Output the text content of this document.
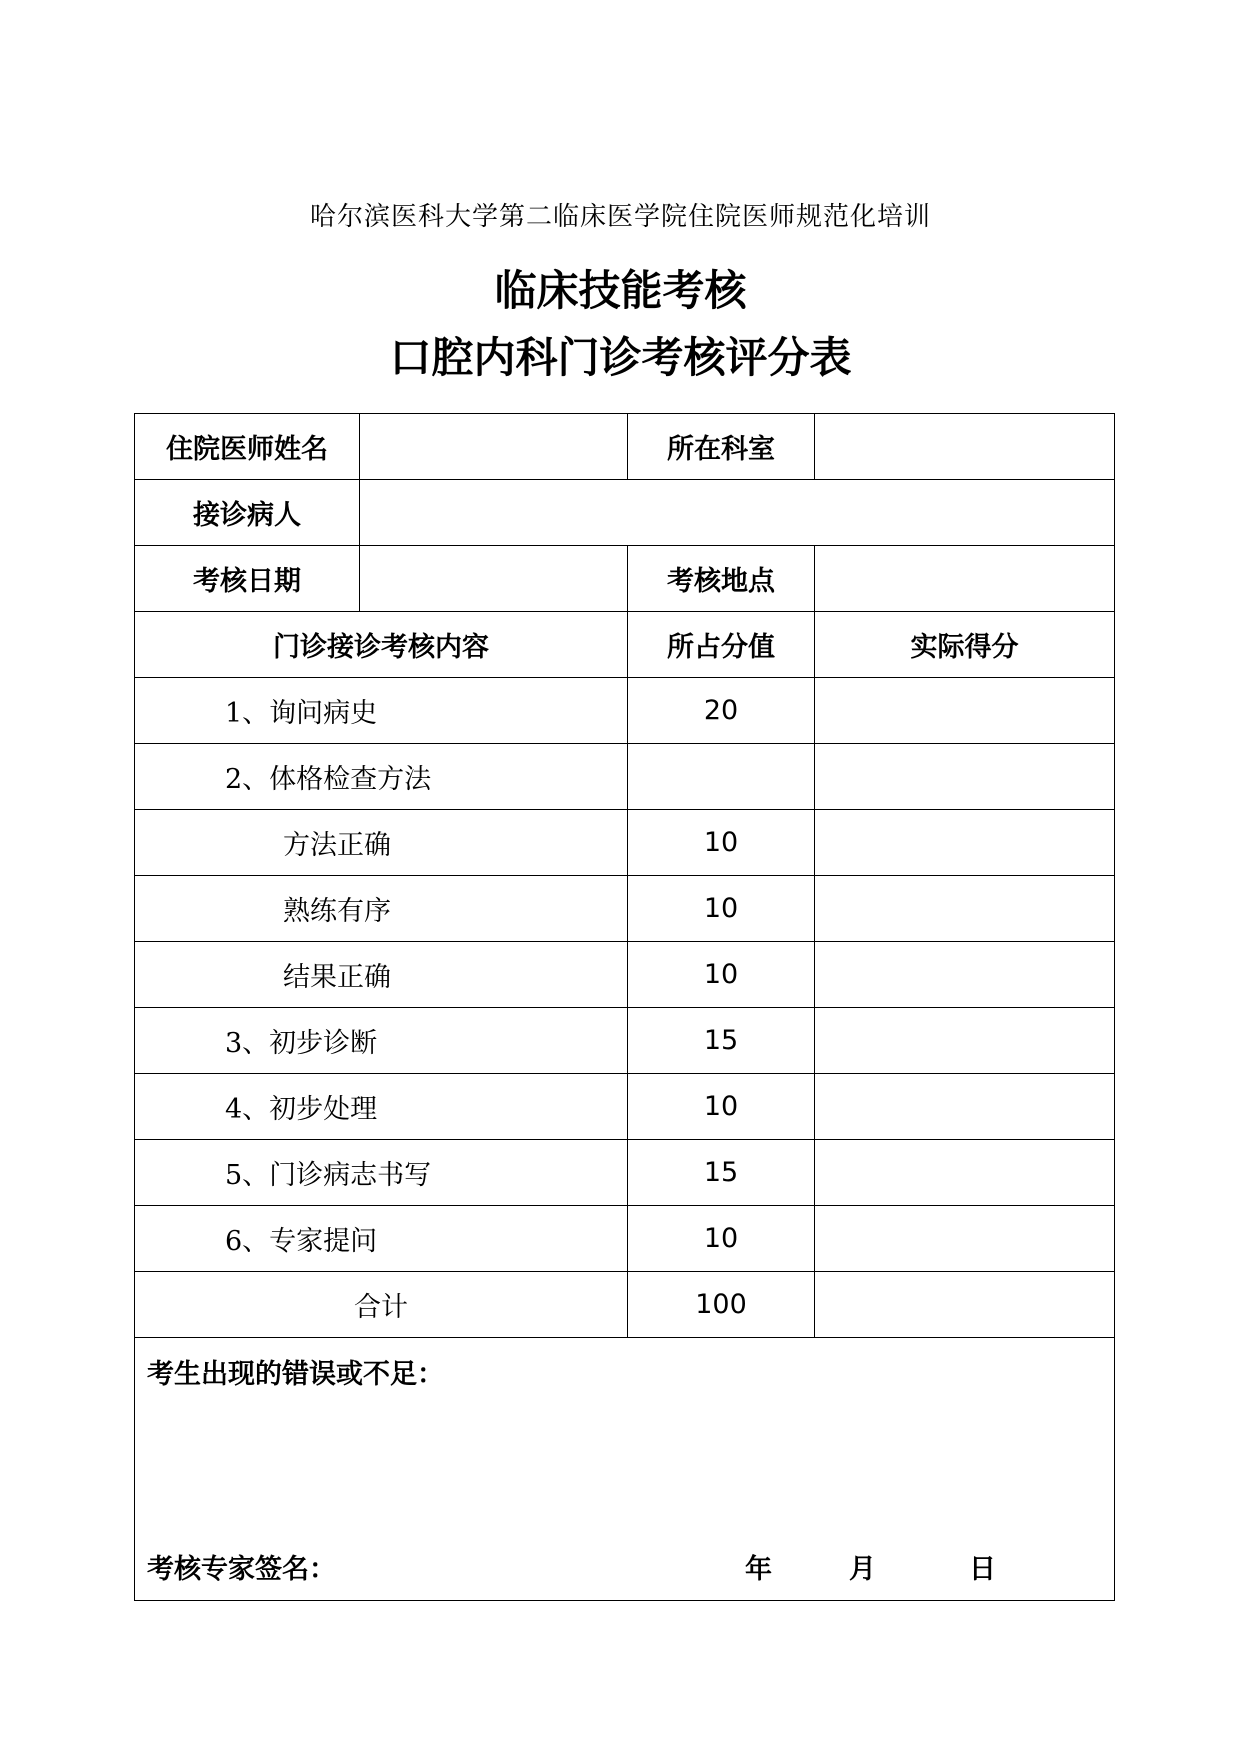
哈尔滨医科大学第二临床医学院住院医师规范化培训
临床技能考核
口腔内科门诊考核评分表
住院医师姓名		所在科室	
接诊病人			
考核日期		考核地点	
门诊接诊考核内容		所占分值	实际得分
1、询问病史		20	
2、体格检查方法			
方法正确		10	
熟练有序		10	
结果正确		10	
3、初步诊断		15	
4、初步处理		10	
5、门诊病志书写		15	
6、专家提问		10	
合计		100	

考生出现的错误或不足：
考核专家签名： 年 月 日			
